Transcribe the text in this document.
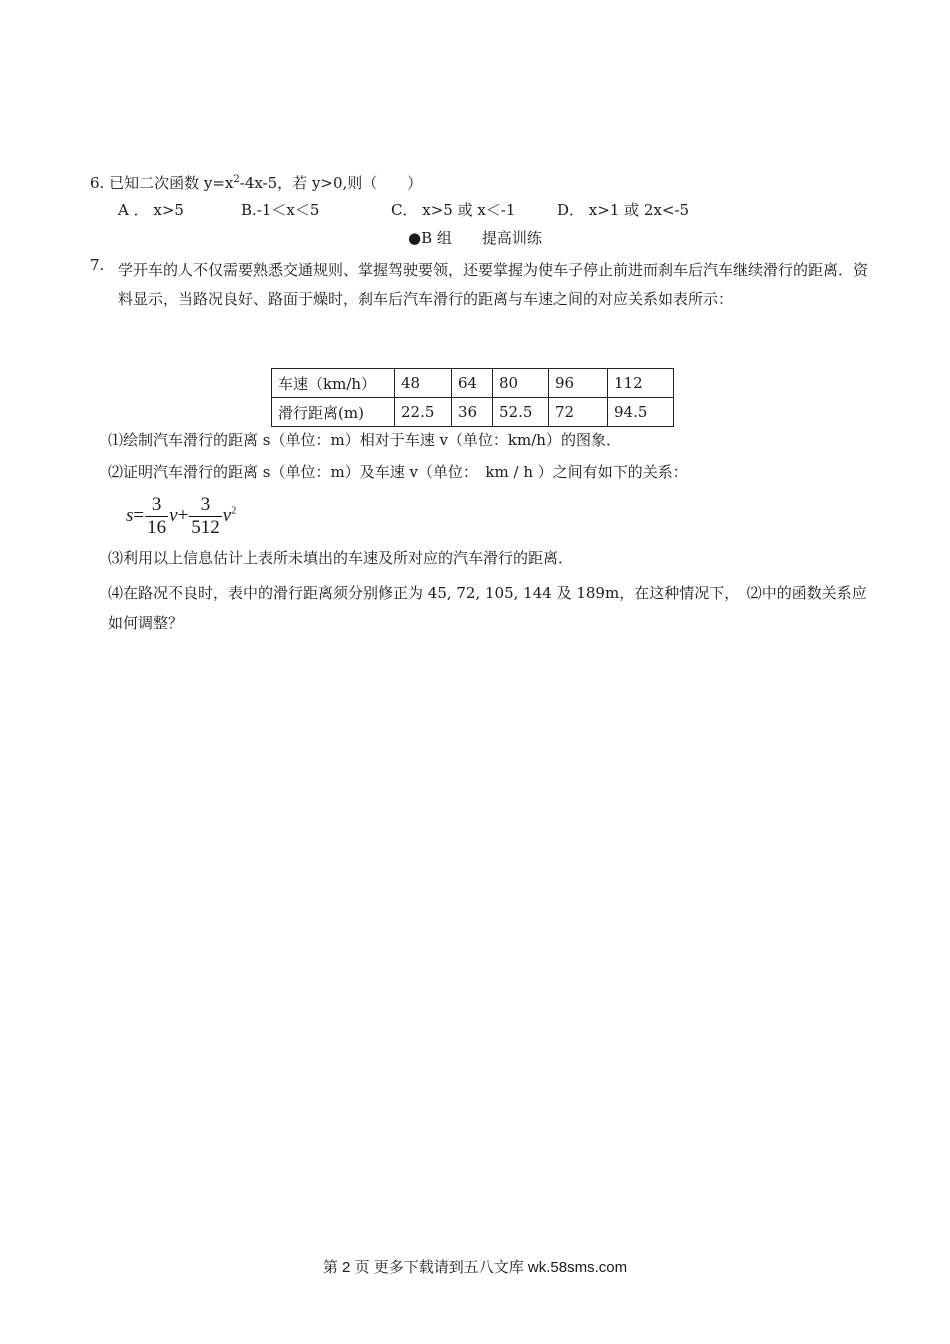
6. 已知二次函数 $y=x^2-4x-5$，若 y>0,则（　　）
A ． x>5	B.-1＜x＜5	C． x>5 或 x＜-1	D． x>1 或 2x<-5
●B 组　　提高训练
7. 学开车的人不仅需要熟悉交通规则、掌握驾驶要领，还要掌握为使车子停止前进而刹车后汽车继续滑行的距离．资料显示，当路况良好、路面于燥时，刹车后汽车滑行的距离与车速之间的对应关系如表所示：
车速（km/h）	48	64	80	96	112
滑行距离(m)	22.5	36	52.5	72	94.5
⑴绘制汽车滑行的距离 s（单位：m）相对于车速 v（单位：km/h）的图象．
⑵证明汽车滑行的距离 s（单位：m）及车速 v（单位：　km / h ）之间有如下的关系：
$s= \frac{3}{16} v+ \frac{3}{512} v^2$
⑶利用以上信息估计上表所未填出的车速及所对应的汽车滑行的距离．
⑷在路况不良时，表中的滑行距离须分别修正为 45, 72, 105, 144 及 189m，在这种情况下，　⑵中的函数关系应如何调整？
第 2 页 更多下载请到五八文库 wk.58sms.com
